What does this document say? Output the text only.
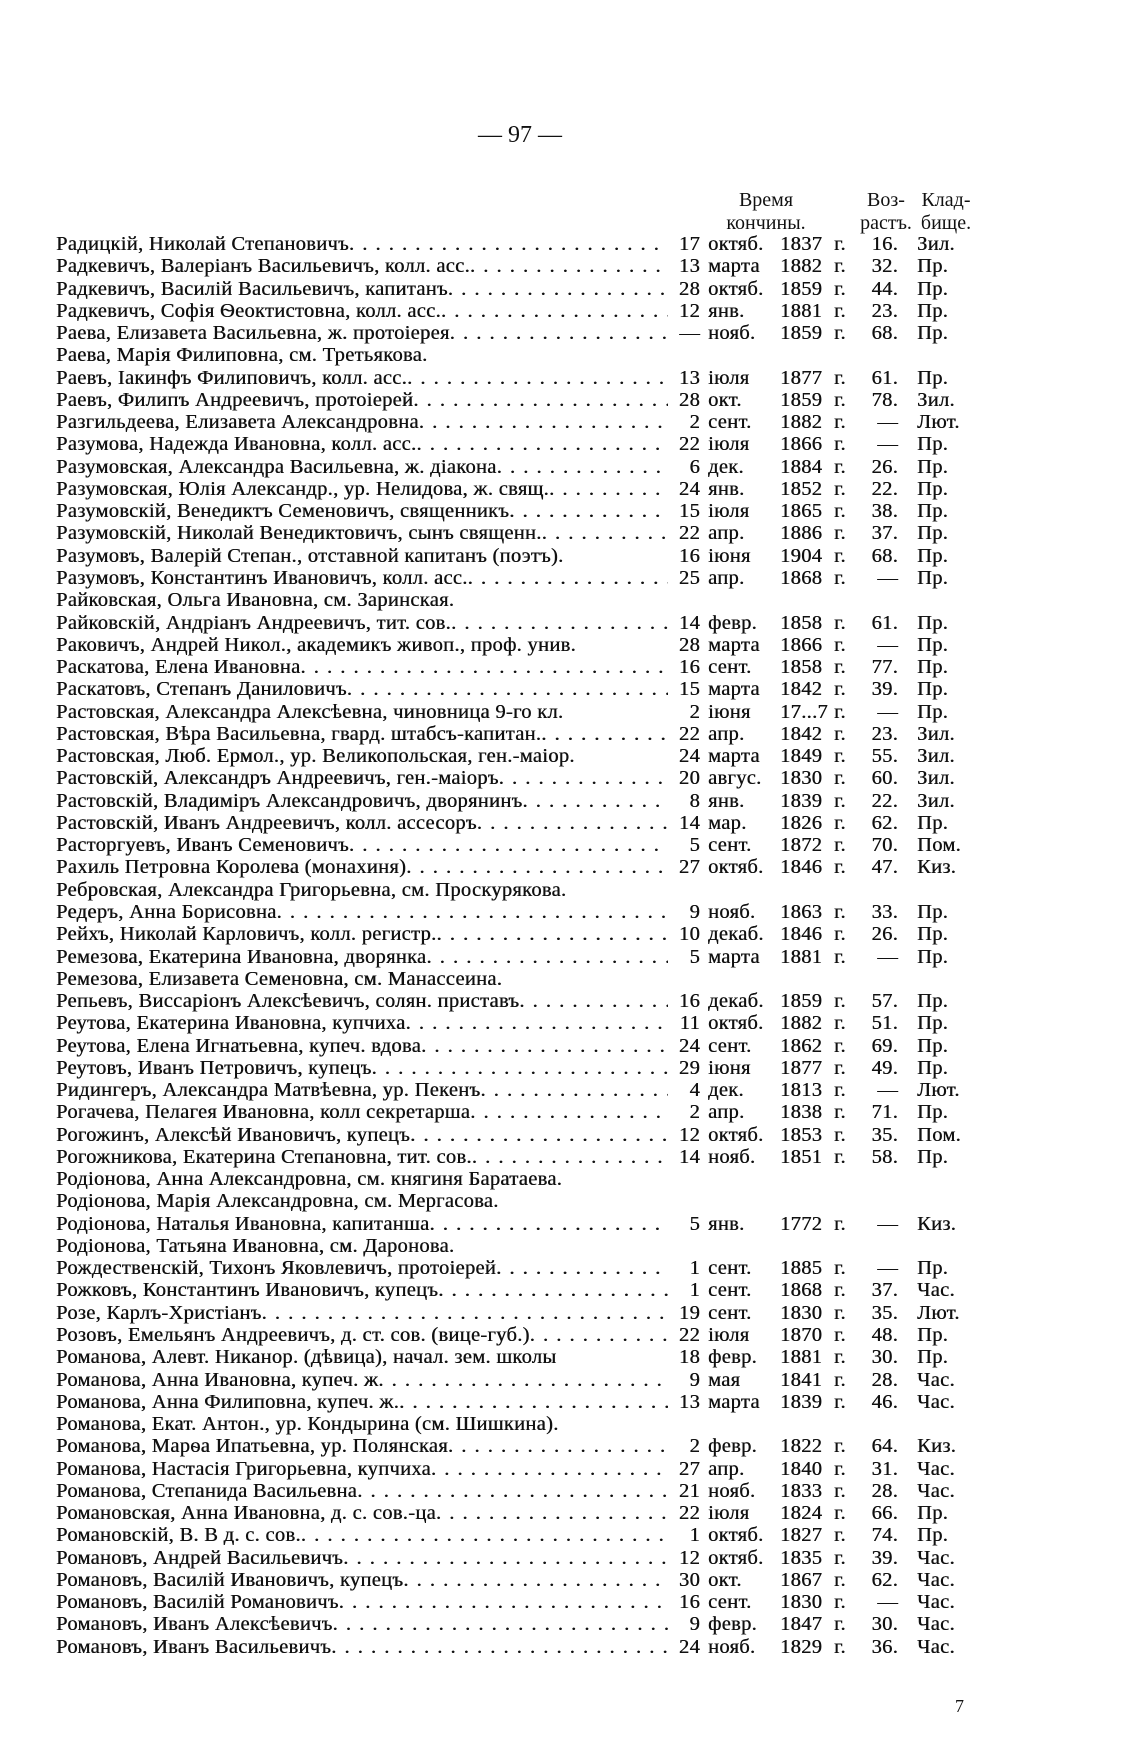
— 97 —
Время
кончины.
Воз-
растъ.
Клад-
бище.
Радицкій, Николай Степановичъ . . .	17 октяб. 1837 г.	16. Зил.
Радкевичъ, Валеріанъ Васильевичъ, колл. асс. . . .	13 марта 1882 г.	32. Пр.
Радкевичъ, Василій Васильевичъ, капитанъ . . .	28 октяб. 1859 г.	44. Пр.
Радкевичъ, Софія Ѳеоктистовна, колл. асс. . . .	12 янв.	1881 г.	23. Пр.
Раева, Елизавета Васильевна, ж. протоіерея . . .	— нояб.	1859 г.	68. Пр.
Раева, Марія Филиповна, см. Третьякова.
Раевъ, Іакинфъ Филиповичъ, колл. асс. . . .	13 іюля	1877 г.	61. Пр.
Раевъ, Филипъ Андреевичъ, протоіерей . . .	28 окт.	1859 г.	78. Зил.
Разгильдеева, Елизавета Александровна . . .	2 сент.	1882 г.	— Лют.
Разумова, Надежда Ивановна, колл. асс. . . .	22 іюля	1866 г.	— Пр.
Разумовская, Александра Васильевна, ж. діакона . . .	6 дек.	1884 г.	26. Пр.
Разумовская, Юлія Александр., ур. Нелидова, ж. свящ. . . .	24 янв.	1852 г.	22. Пр.
Разумовскій, Венедиктъ Семеновичъ, священникъ . . .	15 іюля	1865 г.	38. Пр.
Разумовскій, Николай Венедиктовичъ, сынъ священн. . . .	22 апр.	1886 г.	37. Пр.
Разумовъ, Валерій Степан., отставной капитанъ (поэтъ).	16 іюня	1904 г.	68. Пр.
Разумовъ, Константинъ Ивановичъ, колл. асс. . . .	25 апр.	1868 г.	— Пр.
Райковская, Ольга Ивановна, см. Заринская.
Райковскій, Андріанъ Андреевичъ, тит. сов. . . .	14 февр.	1858 г.	61. Пр.
Раковичъ, Андрей Никол., академикъ живоп., проф. унив.	28 марта 1866 г.	— Пр.
Раскатова, Елена Ивановна . . .	16 сент.	1858 г.	77. Пр.
Раскатовъ, Степанъ Даниловичъ . . .	15 марта 1842 г.	39. Пр.
Растовская, Александра Алексѣевна, чиновница 9-го кл.	2 іюня	17...7 г.	— Пр.
Растовская, Вѣра Васильевна, гвард. штабсъ-капитан. . . .	22 апр.	1842 г.	23. Зил.
Растовская, Люб. Ермол., ур. Великопольская, ген.-маіор.	24 марта 1849 г.	55. Зил.
Растовскій, Александръ Андреевичъ, ген.-маіоръ . . .	20 авгус. 1830 г.	60. Зил.
Растовскій, Владиміръ Александровичъ, дворянинъ . . .	8 янв.	1839 г.	22. Зил.
Растовскій, Иванъ Андреевичъ, колл. ассесоръ . . .	14 мар.	1826 г.	62. Пр.
Расторгуевъ, Иванъ Семеновичъ . . .	5 сент.	1872 г.	70. Пом.
Рахиль Петровна Королева (монахиня) . . .	27 октяб. 1846 г.	47. Киз.
Ребровская, Александра Григорьевна, см. Проскурякова.
Редеръ, Анна Борисовна . . .	9 нояб.	1863 г.	33. Пр.
Рейхъ, Николай Карловичъ, колл. регистр. . . .	10 декаб. 1846 г.	26. Пр.
Ремезова, Екатерина Ивановна, дворянка . . .	5 марта 1881 г.	— Пр.
Ремезова, Елизавета Семеновна, см. Манассеина.
Репьевъ, Виссаріонъ Алексѣевичъ, солян. приставъ . . .	16 декаб. 1859 г.	57. Пр.
Реутова, Екатерина Ивановна, купчиха . . .	11 октяб. 1882 г.	51. Пр.
Реутова, Елена Игнатьевна, купеч. вдова . . .	24 сент.	1862 г.	69. Пр.
Реутовъ, Иванъ Петровичъ, купецъ . . .	29 іюня	1877 г.	49. Пр.
Ридингеръ, Александра Матвѣевна, ур. Пекенъ . . .	4 дек.	1813 г.	— Лют.
Рогачева, Пелагея Ивановна, колл секретарша . . .	2 апр.	1838 г.	71. Пр.
Рогожинъ, Алексѣй Ивановичъ, купецъ . . .	12 октяб. 1853 г.	35. Пом.
Рогожникова, Екатерина Степановна, тит. сов. . . .	14 нояб.	1851 г.	58. Пр.
Родіонова, Анна Александровна, см. княгиня Баратаева.
Родіонова, Марія Александровна, см. Мергасова.
Родіонова, Наталья Ивановна, капитанша . . .	5 янв.	1772 г.	— Киз.
Родіонова, Татьяна Ивановна, см. Даронова.
Рождественскій, Тихонъ Яковлевичъ, протоіерей . . .	1 сент.	1885 г.	— Пр.
Рожковъ, Константинъ Ивановичъ, купецъ . . .	1 сент.	1868 г.	37. Час.
Розе, Карлъ-Христіанъ . . .	19 сент.	1830 г.	35. Лют.
Розовъ, Емельянъ Андреевичъ, д. ст. сов. (вице-губ.) . . .	22 іюля	1870 г.	48. Пр.
Романова, Алевт. Никанор. (дѣвица), начал. зем. школы	18 февр.	1881 г.	30. Пр.
Романова, Анна Ивановна, купеч. ж . . .	9 мая	1841 г.	28. Час.
Романова, Анна Филиповна, купеч. ж. . . .	13 марта 1839 г.	46. Час.
Романова, Екат. Антон., ур. Кондырина (см. Шишкина).
Романова, Марѳа Ипатьевна, ур. Полянская . . .	2 февр.	1822 г.	64. Киз.
Романова, Настасія Григорьевна, купчиха . . .	27 апр.	1840 г.	31. Час.
Романова, Степанида Васильевна . . .	21 нояб.	1833 г.	28. Час.
Романовская, Анна Ивановна, д. с. сов.-ца . . .	22 іюля	1824 г.	66. Пр.
Романовскій, В. В д. с. сов. . . .	1 октяб. 1827 г.	74. Пр.
Романовъ, Андрей Васильевичъ . . .	12 октяб. 1835 г.	39. Час.
Романовъ, Василій Ивановичъ, купецъ . . .	30 окт.	1867 г.	62. Час.
Романовъ, Василій Романовичъ . . .	16 сент.	1830 г.	— Час.
Романовъ, Иванъ Алексѣевичъ . . .	9 февр.	1847 г.	30. Час.
Романовъ, Иванъ Васильевичъ . . .	24 нояб.	1829 г.	36. Час.
7
